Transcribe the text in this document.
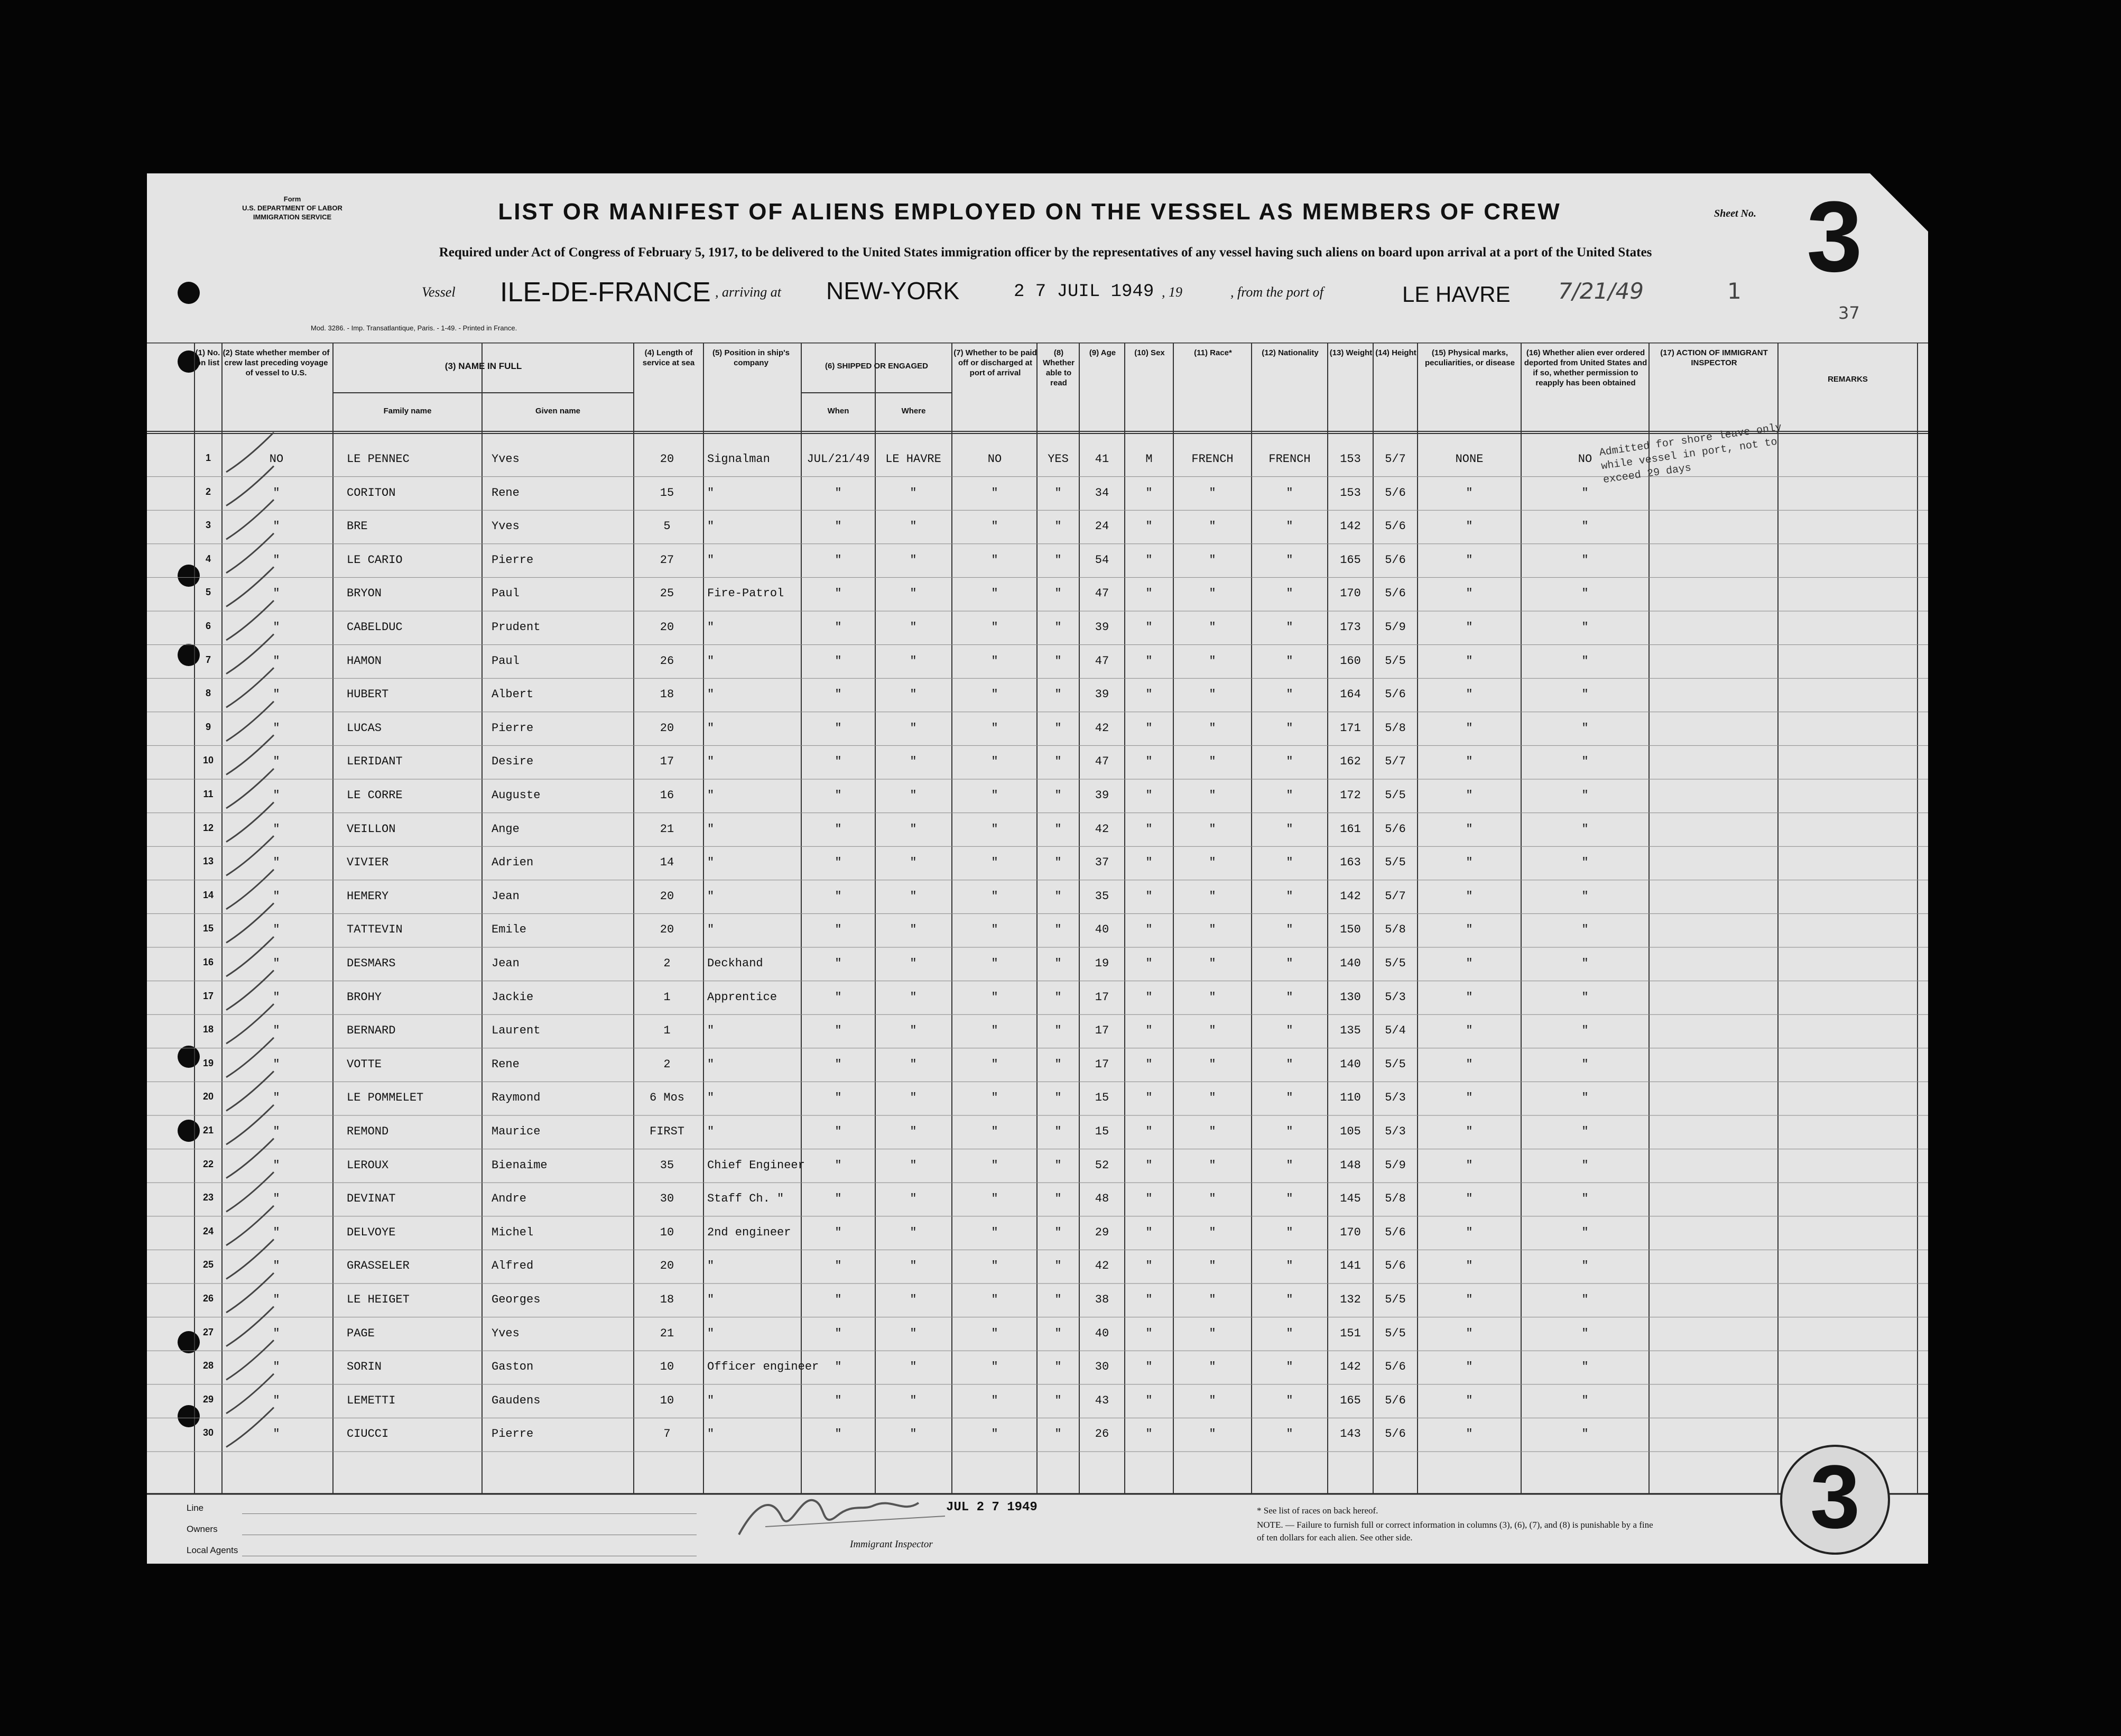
Form
U.S. DEPARTMENT OF LABOR
IMMIGRATION SERVICE	LIST OR MANIFEST OF ALIENS EMPLOYED ON THE VESSEL AS MEMBERS OF CREW
Required under Act of Congress of February 5, 1917, to be delivered to the United States immigration officer by the representatives of any vessel having such aliens on board upon arrival at a port of the United States
Sheet No. 3
37
Vessel ILE-DE-FRANCE , arriving at NEW-YORK	2 7 JUIL 1949 , 19	, from the port of	LE HAVRE 7/21/49	1
Mod. 3286. - Imp. Transatlantique, Paris. - 1-49. - Printed in France.
(1) No. on list
(2) State whether member of crew last preceding voyage of vessel to U.S.
(3) NAME IN FULL
Family name	Given name
(4) Length of service at sea
(5) Position in ship's company	(6) SHIPPED OR ENGAGED
When	Where
(7) Whether to be paid off or discharged at port of arrival
(8) Whether able to read
(9) Age	(10) Sex	(11) Race*	(12) Nationality	(13) Weight (14) Height	(15) Physical marks, peculiarities, or disease
(16) Whether alien ever ordered deported from United States and if so, whether permission to reapply has been obtained
(17) ACTION OF IMMIGRANT INSPECTOR
REMARKS
1	NO	LE PENNEC	Yves	20	Signalman	JUL/21/49 LE HAVRE	NO	YES 41	M	FRENCH	FRENCH	153 5/7	NONE	NO
2	"	CORITON	Rene	15	"	"	"	"	"	34	"	"	"	153 5/6	"	"
3	"	BRE	Yves	5	"	"	"	"	"	24	"	"	"	142 5/6	"	"
4	"	LE CARIO	Pierre	27	"	"	"	"	"	54	"	"	"	165 5/6	"	"
5	"	BRYON	Paul	25	Fire-Patrol	"	"	"	"	47	"	"	"	170 5/6	"	"
6	"	CABELDUC	Prudent	20	"	"	"	"	"	39	"	"	"	173 5/9	"	"
7	"	HAMON	Paul	26	"	"	"	"	"	47	"	"	"	160 5/5	"	"
8	"	HUBERT	Albert	18	"	"	"	"	"	39	"	"	"	164 5/6	"	"
9	"	LUCAS	Pierre	20	"	"	"	"	"	42	"	"	"	171 5/8	"	"
10	"	LERIDANT	Desire	17	"	"	"	"	"	47	"	"	"	162 5/7	"	"
11	"	LE CORRE	Auguste	16	"	"	"	"	"	39	"	"	"	172 5/5	"	"
12	"	VEILLON	Ange	21	"	"	"	"	"	42	"	"	"	161 5/6	"	"
13	"	VIVIER	Adrien	14	"	"	"	"	"	37	"	"	"	163 5/5	"	"
14	"	HEMERY	Jean	20	"	"	"	"	"	35	"	"	"	142 5/7	"	"
15	"	TATTEVIN	Emile	20	"	"	"	"	"	40	"	"	"	150 5/8	"	"
16	"	DESMARS	Jean	2	Deckhand	"	"	"	"	19	"	"	"	140 5/5	"	"
17	"	BROHY	Jackie	1	Apprentice	"	"	"	"	17	"	"	"	130 5/3	"	"
18	"	BERNARD	Laurent	1	"	"	"	"	"	17	"	"	"	135 5/4	"	"
19	"	VOTTE	Rene	2	"	"	"	"	"	17	"	"	"	140 5/5	"	"
20	"	LE POMMELET	Raymond	6 Mos "	"	"	"	"	15	"	"	"	110 5/3	"	"
21	"	REMOND	Maurice	FIRST "	"	"	"	"	15	"	"	"	105 5/3	"	"
22	"	LEROUX	Bienaime	35	Chief Engineer	"	"	"	"	52	"	"	"	148 5/9	"	"
23	"	DEVINAT	Andre	30	Staff Ch. "	"	"	"	"	48	"	"	"	145 5/8	"	"
24	"	DELVOYE	Michel	10	2nd engineer	"	"	"	"	29	"	"	"	170 5/6	"	"
25	"	GRASSELER	Alfred	20	"	"	"	"	"	42	"	"	"	141 5/6	"	"
26	"	LE HEIGET	Georges	18	"	"	"	"	"	38	"	"	"	132 5/5	"	"
27	"	PAGE	Yves	21	"	"	"	"	"	40	"	"	"	151 5/5	"	"
28	"	SORIN	Gaston	10	Officer engineer "	"	"	"	30	"	"	"	142 5/6	"	"
29	"	LEMETTI	Gaudens	10	"	"	"	"	"	43	"	"	"	165 5/6	"	"
30	"	CIUCCI	Pierre	7	"	"	"	"	"	26	"	"	"	143 5/6	"	"
Admitted for shore leave only while vessel in port, not to exceed 29 days
Line
Owners
Local Agents
JUL 2 7 1949
Immigrant Inspector
* See list of races on back hereof.
NOTE. — Failure to furnish full or correct information in columns (3), (6), (7), and (8) is punishable by a fine of ten dollars for each alien. See other side.	3
